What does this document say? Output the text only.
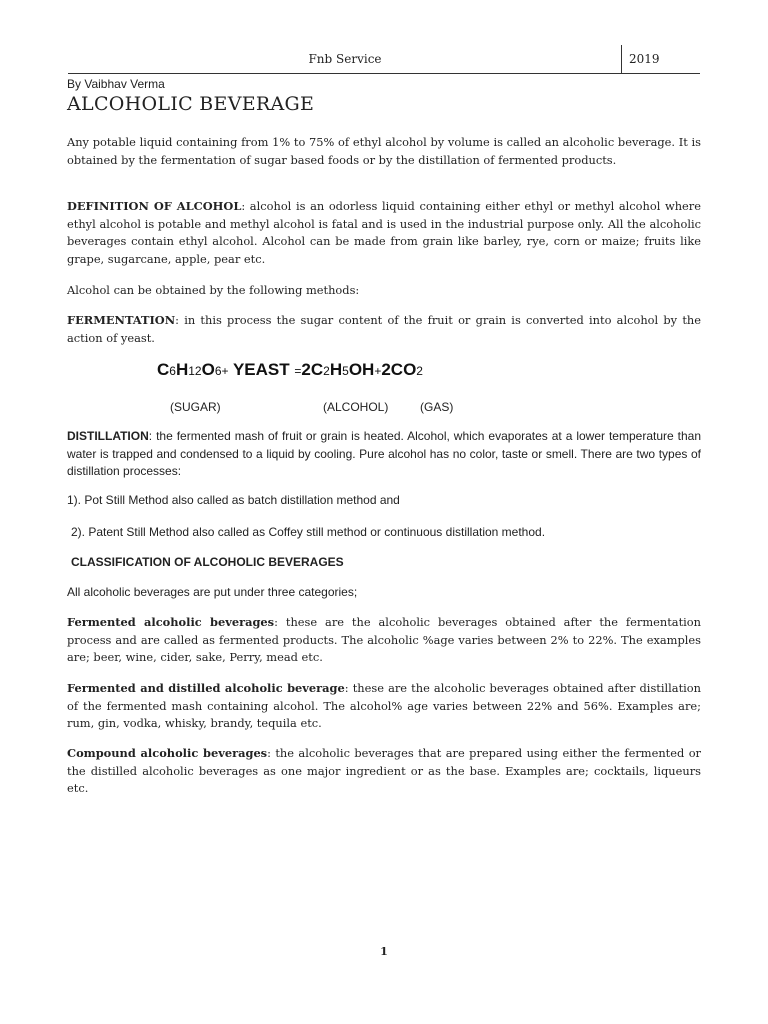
Fnb Service	2019
By Vaibhav Verma
ALCOHOLIC BEVERAGE

Any potable liquid containing from 1% to 75% of ethyl alcohol by volume is called an alcoholic beverage. It is obtained by the fermentation of sugar based foods or by the distillation of fermented products.

DEFINITION OF ALCOHOL: alcohol is an odorless liquid containing either ethyl or methyl alcohol where ethyl alcohol is potable and methyl alcohol is fatal and is used in the industrial purpose only. All the alcoholic beverages contain ethyl alcohol. Alcohol can be made from grain like barley, rye, corn or maize; fruits like grape, sugarcane, apple, pear etc.

Alcohol can be obtained by the following methods:

FERMENTATION: in this process the sugar content of the fruit or grain is converted into alcohol by the action of yeast.

C6H12O6+ YEAST =2C2H5OH+2CO2
(SUGAR)	(ALCOHOL)	(GAS)

DISTILLATION: the fermented mash of fruit or grain is heated. Alcohol, which evaporates at a lower temperature than water is trapped and condensed to a liquid by cooling. Pure alcohol has no color, taste or smell. There are two types of distillation processes:

1). Pot Still Method also called as batch distillation method and

2). Patent Still Method also called as Coffey still method or continuous distillation method.

CLASSIFICATION OF ALCOHOLIC BEVERAGES

All alcoholic beverages are put under three categories;

Fermented alcoholic beverages: these are the alcoholic beverages obtained after the fermentation process and are called as fermented products. The alcoholic %age varies between 2% to 22%. The examples are; beer, wine, cider, sake, Perry, mead etc.

Fermented and distilled alcoholic beverage: these are the alcoholic beverages obtained after distillation of the fermented mash containing alcohol. The alcohol% age varies between 22% and 56%. Examples are; rum, gin, vodka, whisky, brandy, tequila etc.

Compound alcoholic beverages: the alcoholic beverages that are prepared using either the fermented or the distilled alcoholic beverages as one major ingredient or as the base. Examples are; cocktails, liqueurs etc.

1
